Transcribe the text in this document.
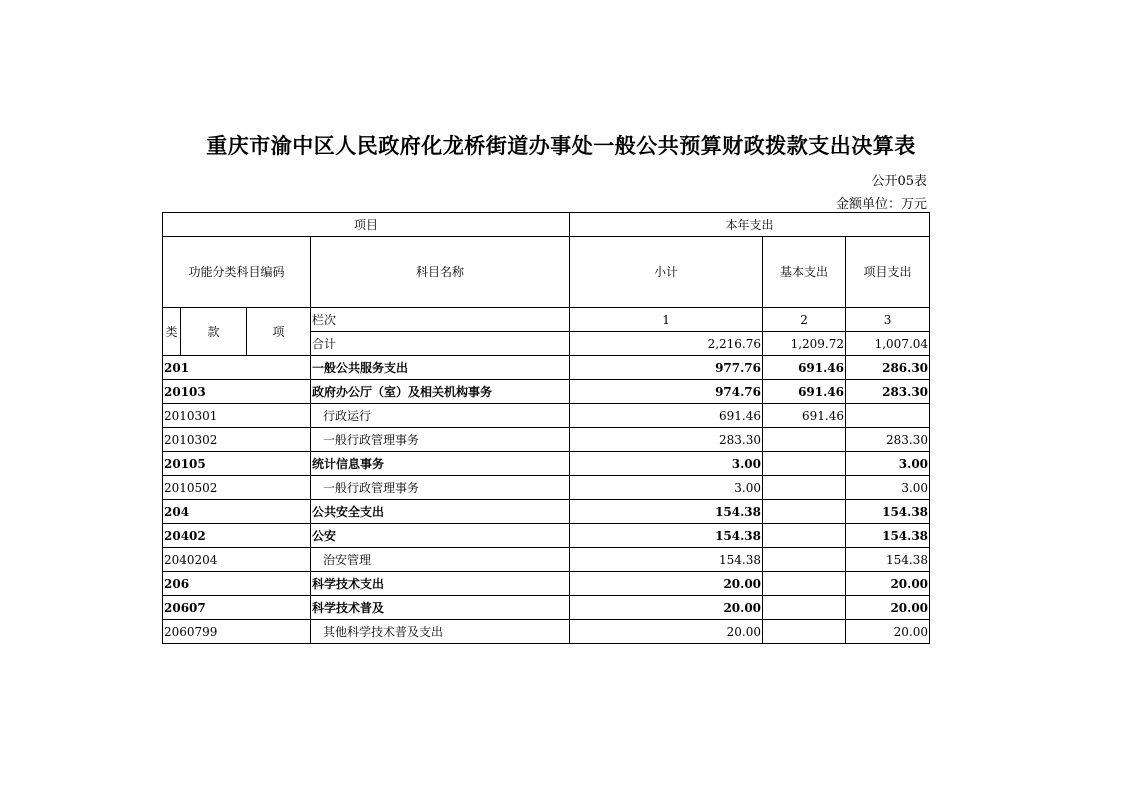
重庆市渝中区人民政府化龙桥街道办事处一般公共预算财政拨款支出决算表
公开05表
金额单位：万元
项目				本年支出		
功能分类科目编码			科目名称	小计	基本支出	项目支出
类	款	项	栏次	1	2	3
			合计	2,216.76	1,209.72	1,007.04
201			一般公共服务支出	977.76	691.46	286.30
20103			政府办公厅（室）及相关机构事务	974.76	691.46	283.30
2010301			行政运行	691.46	691.46	
2010302			一般行政管理事务	283.30		283.30
20105			统计信息事务	3.00		3.00
2010502			一般行政管理事务	3.00		3.00
204			公共安全支出	154.38		154.38
20402			公安	154.38		154.38
2040204			治安管理	154.38		154.38
206			科学技术支出	20.00		20.00
20607			科学技术普及	20.00		20.00
2060799			其他科学技术普及支出	20.00		20.00
